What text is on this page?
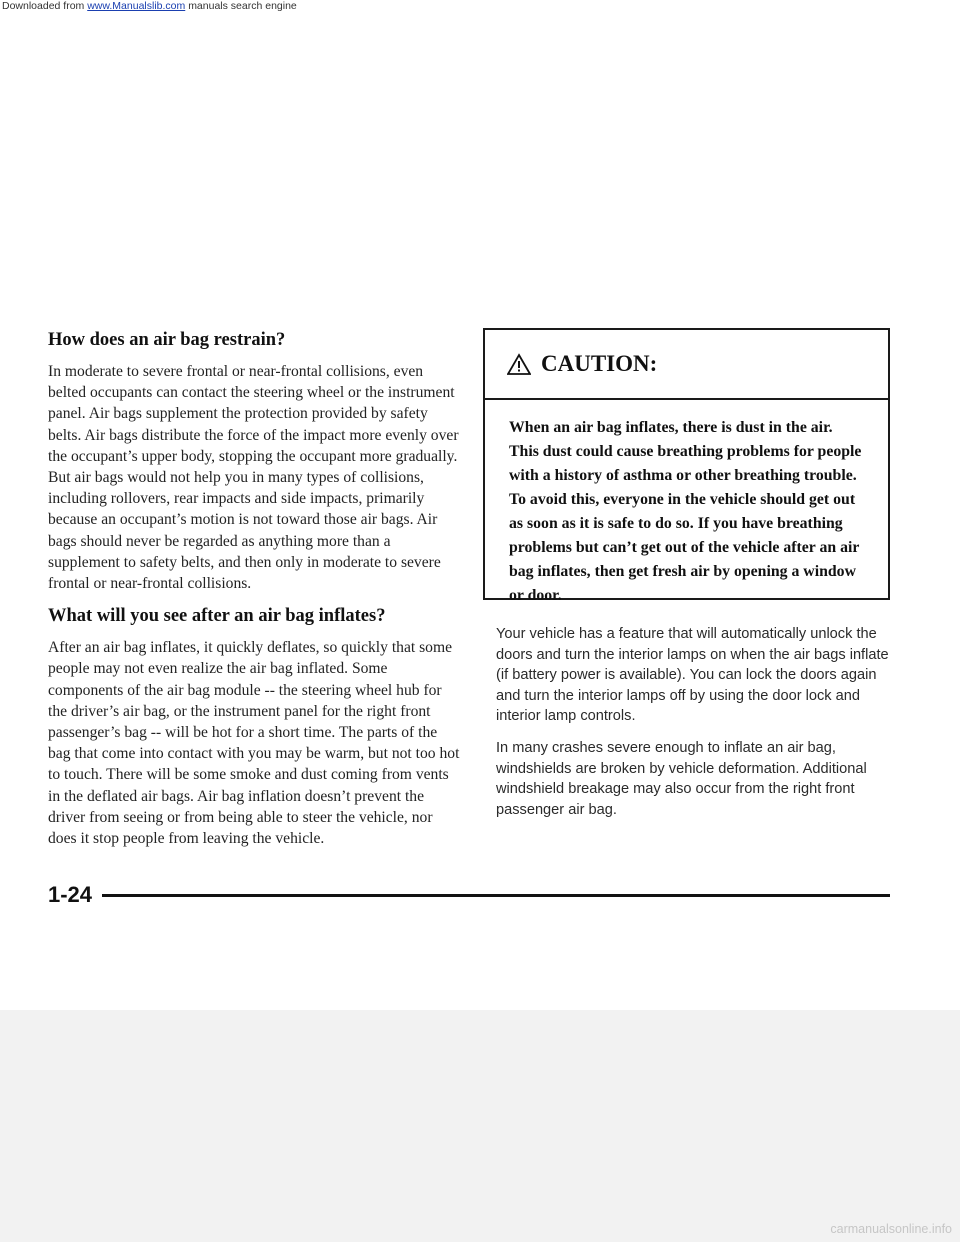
Downloaded from www.Manualslib.com manuals search engine
How does an air bag restrain?

In moderate to severe frontal or near-frontal collisions, even belted occupants can contact the steering wheel or the instrument panel. Air bags supplement the protection provided by safety belts. Air bags distribute the force of the impact more evenly over the occupant’s upper body, stopping the occupant more gradually. But air bags would not help you in many types of collisions, including rollovers, rear impacts and side impacts, primarily because an occupant’s motion is not toward those air bags. Air bags should never be regarded as anything more than a supplement to safety belts, and then only in moderate to severe frontal or near-frontal collisions.

What will you see after an air bag inflates?

After an air bag inflates, it quickly deflates, so quickly that some people may not even realize the air bag inflated. Some components of the air bag module -- the steering wheel hub for the driver’s air bag, or the instrument panel for the right front passenger’s bag -- will be hot for a short time. The parts of the bag that come into contact with you may be warm, but not too hot to touch. There will be some smoke and dust coming from vents in the deflated air bags. Air bag inflation doesn’t prevent the driver from seeing or from being able to steer the vehicle, nor does it stop people from leaving the vehicle.

CAUTION:
When an air bag inflates, there is dust in the air. This dust could cause breathing problems for people with a history of asthma or other breathing trouble. To avoid this, everyone in the vehicle should get out as soon as it is safe to do so. If you have breathing problems but can’t get out of the vehicle after an air bag inflates, then get fresh air by opening a window or door.

Your vehicle has a feature that will automatically unlock the doors and turn the interior lamps on when the air bags inflate (if battery power is available). You can lock the doors again and turn the interior lamps off by using the door lock and interior lamp controls.

In many crashes severe enough to inflate an air bag, windshields are broken by vehicle deformation. Additional windshield breakage may also occur from the right front passenger air bag.

1-24
carmanualsonline.info
